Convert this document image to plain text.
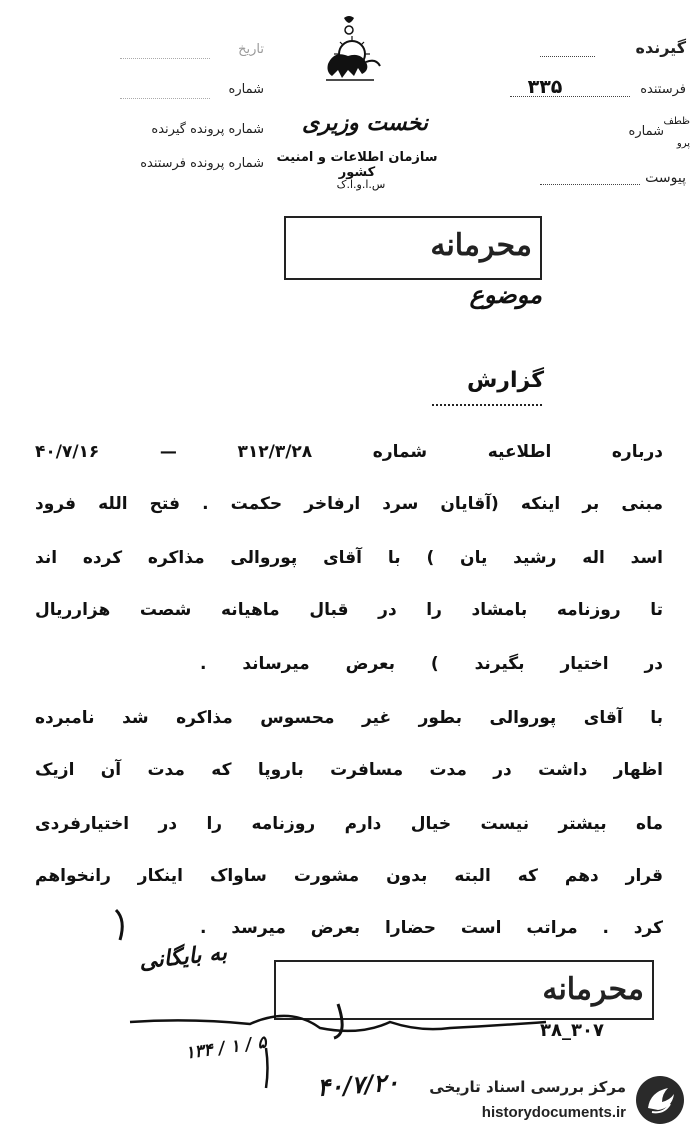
گیرنده
فرستنده
۳۳۵
شماره
ظطف
پرو
پیوست
تاریخ
شماره
شماره پرونده گیرنده
شماره پرونده فرستنده
نخست وزیری
سازمان اطلاعات و امنیت کشور
س.ا.و.ا.ک
محرمانه
موضوع
گزارش
درباره اطلاعیه شماره ۳۱۲/۳/۲۸ — ۴۰/۷/۱۶
مبنی بر اینکه (آقایان سرد ارفاخر حکمت . فتح الله فرود
اسد اله رشید یان ) با آقای پوروالی مذاکره کرده اند
تا روزنامه بامشاد را در قبال ماهیانه شصت هزارریال
در اختیار بگیرند ) بعرض میرساند .
با آقای پوروالی بطور غیر محسوس مذاکره شد نامبرده
اظهار داشت در مدت مسافرت باروپا که مدت آن ازیک
ماه بیشتر نیست خیال دارم روزنامه را در اختیارفردی
قرار دهم که البته بدون مشورت ساواک اینکار رانخواهم
کرد . مراتب است حضارا بعرض میرسد .
به بایگانی
محرمانه
۳۰۷_۳۸
۵ / ۱ / ۱۳۴
۴۰/۷/۲۰	مرکز بررسی اسناد تاریخی
historydocuments.ir
